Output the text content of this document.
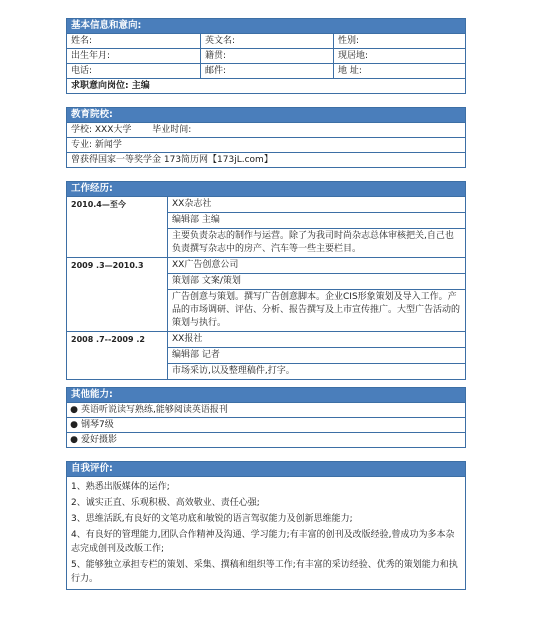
基本信息和意向:
姓名:	英文名:	性别:
出生年月:	籍贯:	现居地:
电话:	邮件:	地 址:
求职意向岗位: 主编
教育院校:
学校: XXX大学 毕业时间:
专业: 新闻学
曾获得国家一等奖学金 173简历网【173jL.com】
工作经历:
2010.4—至今	XX杂志社
	编辑部 主编
	主要负责杂志的制作与运营。除了为我司时尚杂志总体审核把关,自己也负责撰写杂志中的房产、汽车等一些主要栏目。
2009 .3—2010.3	XX广告创意公司
	策划部 文案/策划
	广告创意与策划。撰写广告创意脚本。企业CIS形象策划及导入工作。产品的市场调研、评估、分析、报告撰写及上市宣传推广。大型广告活动的策划与执行。
2008 .7--2009 .2	XX报社
	编辑部 记者
	市场采访,以及整理稿件,打字。
其他能力:
● 英语听说读写熟练,能够阅读英语报刊
● 钢琴7级
● 爱好摄影
自我评价:
1、熟悉出版媒体的运作;
2、诚实正直、乐观积极、高效敬业、责任心强;
3、思维活跃,有良好的文笔功底和敏锐的语言驾驭能力及创新思维能力;
4、有良好的管理能力,团队合作精神及沟通、学习能力;有丰富的创刊及改版经验,曾成功为多本杂志完成创刊及改版工作;
5、能够独立承担专栏的策划、采集、撰稿和组织等工作;有丰富的采访经验、优秀的策划能力和执行力。
